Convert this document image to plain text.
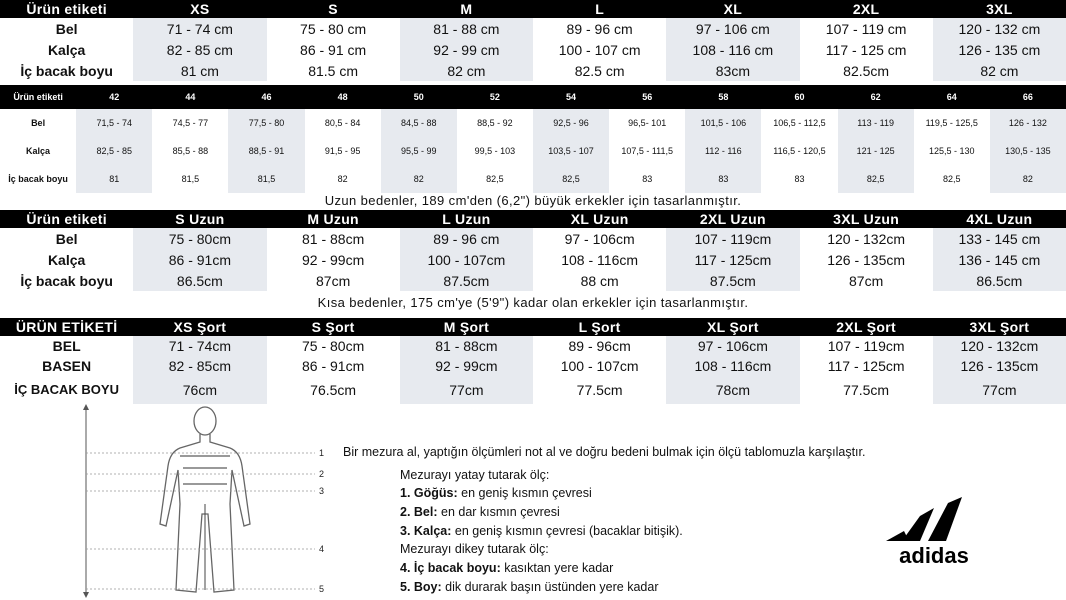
Ürün etiketi	XS	S	M	L	XL	2XL	3XL
Bel	71 - 74 cm	75 - 80 cm	81 - 88 cm	89 - 96 cm	97 - 106 cm	107 - 119 cm	120 - 132 cm
Kalça	82 - 85 cm	86 - 91 cm	92 - 99 cm	100 - 107 cm	108 - 116 cm	117 - 125 cm	126 - 135 cm
İç bacak boyu	81 cm	81.5 cm	82 cm	82.5 cm	83cm	82.5cm	82 cm
Ürün etiketi	42	44	46	48	50	52	54	56	58	60	62	64	66
Bel	71,5 - 74	74,5 - 77	77,5 - 80	80,5 - 84	84,5 - 88	88,5 - 92	92,5 - 96	96,5- 101	101,5 - 106	106,5 - 112,5	113 - 119	119,5 - 125,5	126 - 132
Kalça	82,5 - 85	85,5 - 88	88,5 - 91	91,5 - 95	95,5 - 99	99,5 - 103	103,5 - 107	107,5 - 111,5	112 - 116	116,5 - 120,5	121 - 125	125,5 - 130	130,5 - 135
İç bacak boyu	81	81,5	81,5	82	82	82,5	82,5	83	83	83	82,5	82,5	82
Uzun bedenler, 189 cm'den (6,2") büyük erkekler için tasarlanmıştır.
Ürün etiketi	S Uzun	M Uzun	L Uzun	XL Uzun	2XL Uzun	3XL Uzun	4XL Uzun
Bel	75 - 80cm	81 - 88cm	89 - 96 cm	97 - 106cm	107 - 119cm	120 - 132cm	133 - 145 cm
Kalça	86 - 91cm	92 - 99cm	100 - 107cm	108 - 116cm	117 - 125cm	126 - 135cm	136 - 145 cm
İç bacak boyu	86.5cm	87cm	87.5cm	88 cm	87.5cm	87cm	86.5cm
Kısa bedenler, 175 cm'ye (5'9") kadar olan erkekler için tasarlanmıştır.
ÜRÜN ETİKETİ	XS Şort	S Şort	M Şort	L Şort	XL Şort	2XL Şort	3XL Şort
BEL	71 - 74cm	75 - 80cm	81 - 88cm	89 - 96cm	97 - 106cm	107 - 119cm	120 - 132cm
BASEN	82 - 85cm	86 - 91cm	92 - 99cm	100 - 107cm	108 - 116cm	117 - 125cm	126 - 135cm
İÇ BACAK BOYU	76cm	76.5cm	77cm	77.5cm	78cm	77.5cm	77cm
1
2
3
4
5
Bir mezura al, yaptığın ölçümleri not al ve doğru bedeni bulmak için ölçü tablomuzla karşılaştır.
Mezurayı yatay tutarak ölç:
1. Göğüs: en geniş kısmın çevresi
2. Bel: en dar kısmın çevresi
3. Kalça: en geniş kısmın çevresi (bacaklar bitişik).
Mezurayı dikey tutarak ölç:
4. İç bacak boyu: kasıktan yere kadar
5. Boy: dik durarak başın üstünden yere kadar
adidas
